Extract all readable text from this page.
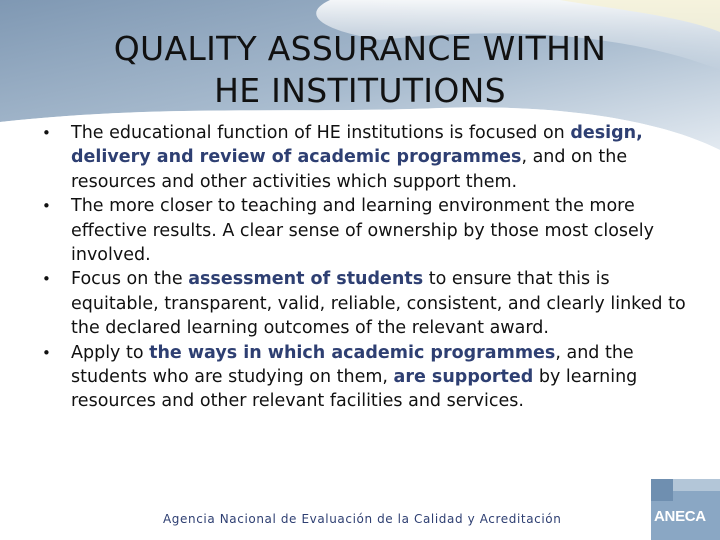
QUALITY ASSURANCE WITHIN
HE INSTITUTIONS
• The educational function of HE institutions is focused on design, delivery and review of academic programmes, and on the resources and other activities which support them.
• The more closer to teaching and learning environment the more effective results. A clear sense of ownership by those most closely involved.
• Focus on the assessment of students to ensure that this is equitable, transparent, valid, reliable, consistent, and clearly linked to the declared learning outcomes of the relevant award.
• Apply to the ways in which academic programmes, and the students who are studying on them, are supported by learning resources and other relevant facilities and services.
Agencia Nacional de Evaluación de la Calidad y Acreditación	ANECA
